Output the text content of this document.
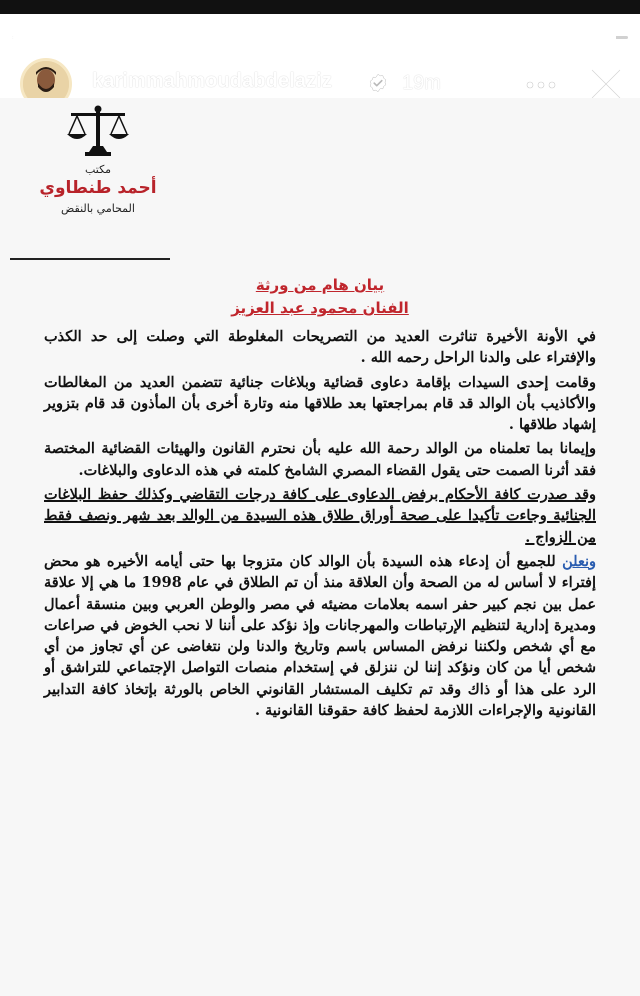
karimmahmoudabdelaziz	19m
مكتب
أحمد طنطاوي
المحامي بالنقض
بيان هام من ورثة
الفنان محمود عبد العزيز

في الأونة الأخيرة تناثرت العديد من التصريحات المغلوطة التي وصلت إلى حد الكذب والإفتراء على والدنا الراحل رحمه الله .

وقامت إحدى السيدات بإقامة دعاوى قضائية وبلاغات جنائية تتضمن العديد من المغالطات والأكاذيب بأن الوالد قد قام بمراجعتها بعد طلاقها منه وتارة أخرى بأن المأذون قد قام بتزوير إشهاد طلاقها .

وإيمانا بما تعلمناه من الوالد رحمة الله عليه بأن نحترم القانون والهيئات القضائية المختصة فقد أثرنا الصمت حتى يقول القضاء المصري الشامخ كلمته في هذه الدعاوى والبلاغات.

وقد صدرت كافة الأحكام برفض الدعاوى على كافة درجات التقاضي وكذلك حفظ البلاغات الجنائية وجاءت تأكيدا على صحة أوراق طلاق هذه السيدة من الوالد بعد شهر ونصف فقط من الزواج .

ونعلن للجميع أن إدعاء هذه السيدة بأن الوالد كان متزوجا بها حتى أيامه الأخيره هو محض إفتراء لا أساس له من الصحة وأن العلاقة منذ أن تم الطلاق في عام 1998 ما هي إلا علاقة عمل بين نجم كبير حفر اسمه بعلامات مضيئه في مصر والوطن العربي وبين منسقة أعمال ومديرة إدارية لتنظيم الإرتباطات والمهرجانات وإذ نؤكد على أننا لا نحب الخوض في صراعات مع أي شخص ولكننا نرفض المساس باسم وتاريخ والدنا ولن نتغاضى عن أي تجاوز من أي شخص أيا من كان ونؤكد إننا لن ننزلق في إستخدام منصات التواصل الإجتماعي للتراشق أو الرد على هذا أو ذاك وقد تم تكليف المستشار القانوني الخاص بالورثة بإتخاذ كافة التدابير القانونية والإجراءات اللازمة لحفظ كافة حقوقنا القانونية .
